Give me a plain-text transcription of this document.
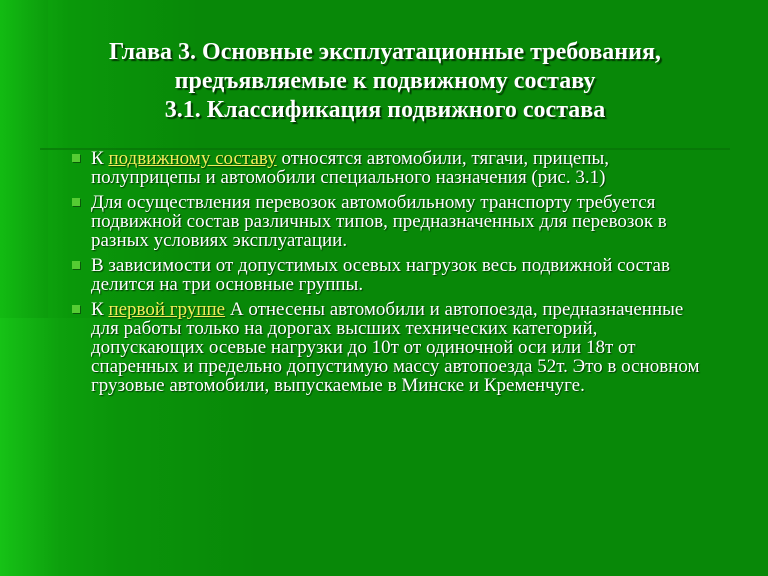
Глава 3. Основные эксплуатационные требования,
предъявляемые к подвижному составу
3.1. Классификация подвижного состава
К подвижному составу относятся автомобили, тягачи, прицепы, полуприцепы и автомобили специального назначения (рис. 3.1)
Для осуществления перевозок автомобильному транспорту требуется подвижной состав различных типов, предназначенных для перевозок в разных условиях эксплуатации.
В зависимости от допустимых осевых нагрузок весь подвижной состав делится на три основные группы.
К первой группе А отнесены автомобили и автопоезда, предназначенные для работы только на дорогах высших технических категорий, допускающих осевые нагрузки до 10т от одиночной оси или 18т от спаренных и предельно допустимую массу автопоезда 52т. Это в основном грузовые автомобили, выпускаемые в Минске и Кременчуге.
